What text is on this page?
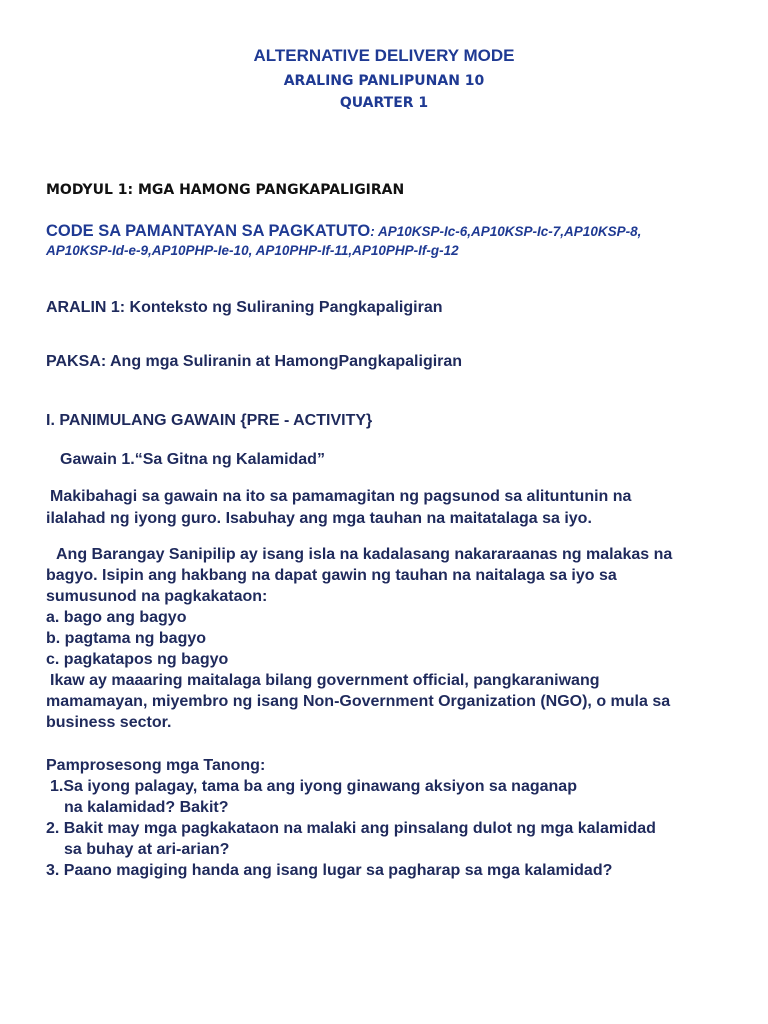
ALTERNATIVE DELIVERY MODE
ARALING PANLIPUNAN 10
QUARTER 1
MODYUL 1: MGA HAMONG PANGKAPALIGIRAN
CODE SA PAMANTAYAN SA PAGKATUTO: AP10KSP-Ic-6,AP10KSP-Ic-7,AP10KSP-8,
AP10KSP-Id-e-9,AP10PHP-Ie-10, AP10PHP-If-11,AP10PHP-If-g-12
ARALIN 1: Konteksto ng Suliraning Pangkapaligiran
PAKSA: Ang mga Suliranin at HamongPangkapaligiran
I. PANIMULANG GAWAIN {PRE - ACTIVITY}
Gawain 1.“Sa Gitna ng Kalamidad”
Makibahagi sa gawain na ito sa pamamagitan ng pagsunod sa alituntunin na
ilalahad ng iyong guro. Isabuhay ang mga tauhan na maitatalaga sa iyo.
Ang Barangay Sanipilip ay isang isla na kadalasang nakararaanas ng malakas na
bagyo. Isipin ang hakbang na dapat gawin ng tauhan na naitalaga sa iyo sa
sumusunod na pagkakataon:
a. bago ang bagyo
b. pagtama ng bagyo
c. pagkatapos ng bagyo
Ikaw ay maaaring maitalaga bilang government official, pangkaraniwang
mamamayan, miyembro ng isang Non-Government Organization (NGO), o mula sa
business sector.
Pamprosesong mga Tanong:
1.Sa iyong palagay, tama ba ang iyong ginawang aksiyon sa naganap
na kalamidad? Bakit?
2. Bakit may mga pagkakataon na malaki ang pinsalang dulot ng mga kalamidad
sa buhay at ari-arian?
3. Paano magiging handa ang isang lugar sa pagharap sa mga kalamidad?
